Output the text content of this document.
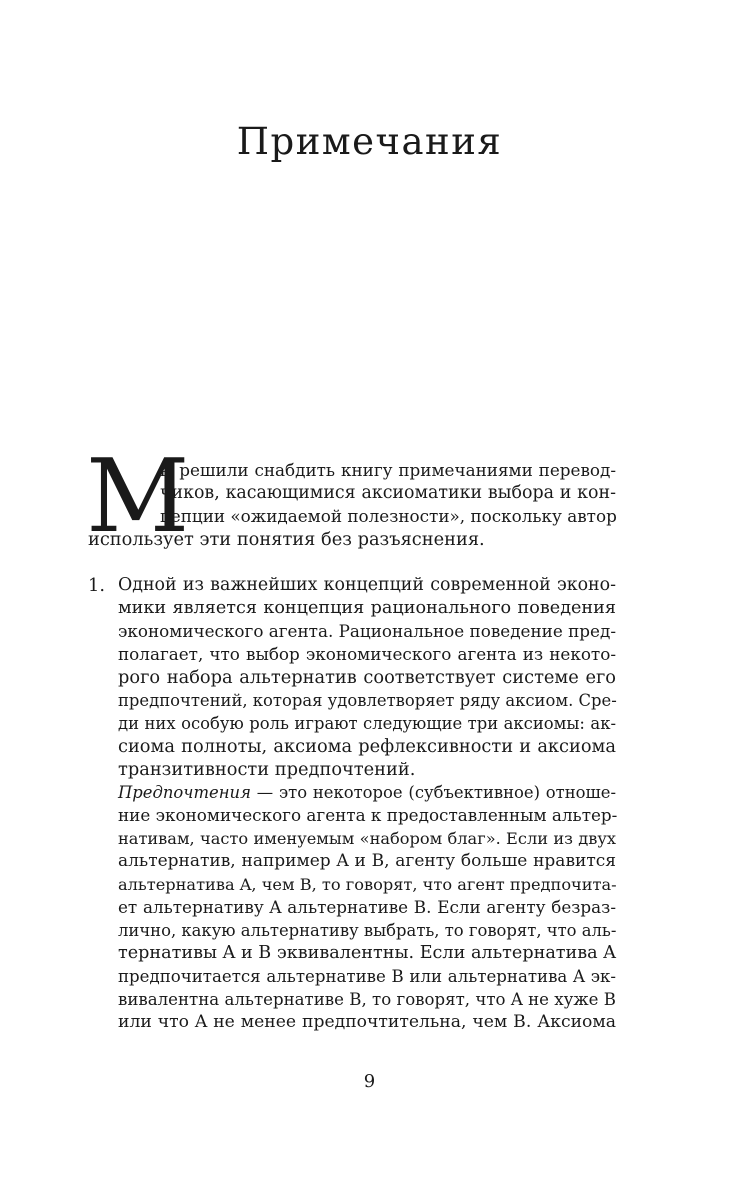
Примечания
М
ы решили снабдить книгу примечаниями перевод-
чиков, касающимися аксиоматики выбора и кон-
цепции «ожидаемой полезности», поскольку автор
использует эти понятия без разъяснения.
1. Одной из важнейших концепций современной эконо-
мики является концепция рационального поведения
экономического агента. Рациональное поведение пред-
полагает, что выбор экономического агента из некото-
рого набора альтернатив соответствует системе его
предпочтений, которая удовлетворяет ряду аксиом. Сре-
ди них особую роль играют следующие три аксиомы: ак-
сиома полноты, аксиома рефлексивности и аксиома
транзитивности предпочтений.
Предпочтения — это некоторое (субъективное) отноше-
ние экономического агента к предоставленным альтер-
нативам, часто именуемым «набором благ». Если из двух
альтернатив, например A и B, агенту больше нравится
альтернатива A, чем B, то говорят, что агент предпочита-
ет альтернативу A альтернативе B. Если агенту безраз-
лично, какую альтернативу выбрать, то говорят, что аль-
тернативы A и B эквивалентны. Если альтернатива A
предпочитается альтернативе B или альтернатива A эк-
вивалентна альтернативе B, то говорят, что A не хуже B
или что A не менее предпочтительна, чем B. Аксиома
9
